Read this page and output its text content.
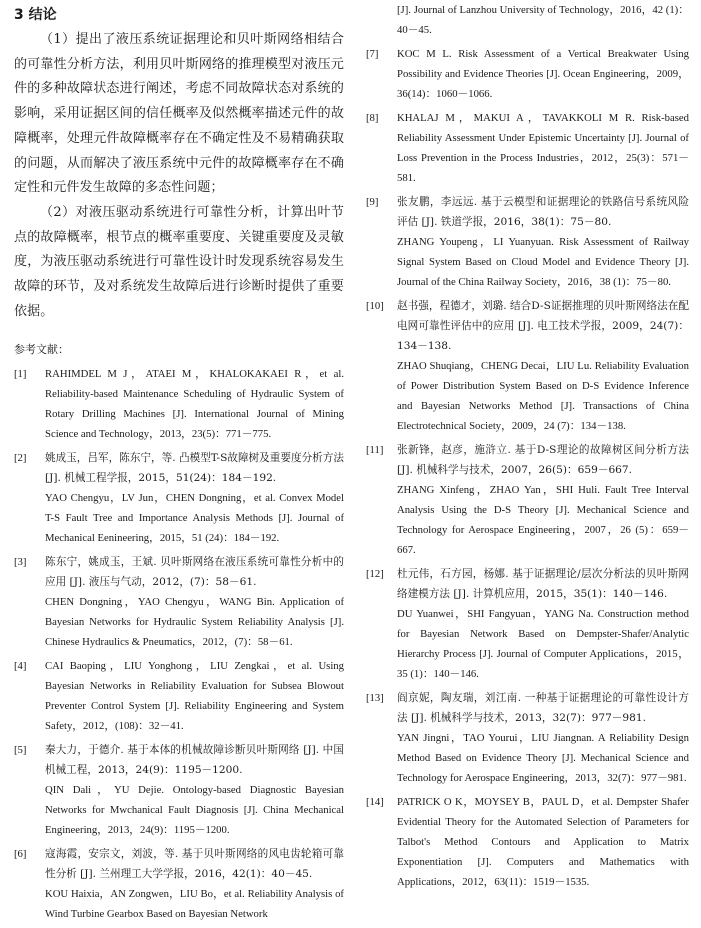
3 结论

（1）提出了液压系统证据理论和贝叶斯网络相结合的可靠性分析方法，利用贝叶斯网络的推理模型对液压元件的多种故障状态进行阐述，考虑不同故障状态对系统的影响，采用证据区间的信任概率及似然概率描述元件的故障概率，处理元件故障概率存在不确定性及不易精确获取的问题，从而解决了液压系统中元件的故障概率存在不确定性和元件发生故障的多态性问题；

（2）对液压驱动系统进行可靠性分析，计算出叶节点的故障概率，根节点的概率重要度、关键重要度及灵敏度，为液压驱动系统进行可靠性设计时发现系统容易发生故障的环节，及对系统发生故障后进行诊断时提供了重要依据。

参考文献：
[1] RAHIMDEL M J，ATAEI M，KHALOKAKAEI R，et al. Reliability-based Maintenance Scheduling of Hydraulic System of Rotary Drilling Machines [J]. International Journal of Mining Science and Technology，2013，23(5)：771－775.
[2] 姚成玉，吕军，陈东宁，等. 凸模型T-S故障树及重要度分析方法 [J]. 机械工程学报，2015，51(24)：184－192.
YAO Chengyu，LV Jun，CHEN Dongning，et al. Convex Model T-S Fault Tree and Importance Analysis Methods [J]. Journal of Mechanical Eenineering，2015，51 (24)：184－192.
[3] 陈东宁，姚成玉，王斌. 贝叶斯网络在液压系统可靠性分析中的应用 [J]. 液压与气动，2012，(7)：58－61.
CHEN Dongning，YAO Chengyu，WANG Bin. Application of Bayesian Networks for Hydraulic System Reliability Analysis [J]. Chinese Hydraulics & Pneumatics，2012，(7)：58－61.
[4] CAI Baoping，LIU Yonghong，LIU Zengkai，et al. Using Bayesian Networks in Reliability Evaluation for Subsea Blowout Preventer Control System [J]. Reliability Engineering and System Safety，2012，(108)：32－41.
[5] 秦大力，于德介. 基于本体的机械故障诊断贝叶斯网络 [J]. 中国机械工程，2013，24(9)：1195－1200.
QIN Dali，YU Dejie. Ontology-based Diagnostic Bayesian Networks for Mwchanical Fault Diagnosis [J]. China Mechanical Engineering，2013，24(9)：1195－1200.
[6] 寇海霞，安宗文，刘波，等. 基于贝叶斯网络的风电齿轮箱可靠性分析 [J]. 兰州理工大学学报，2016，42(1)：40－45.
KOU Haixia，AN Zongwen，LIU Bo，et al. Reliability Analysis of Wind Turbine Gearbox Based on Bayesian Network
[J]. Journal of Lanzhou University of Technology，2016，42 (1)：40－45.
[7] KOC M L. Risk Assessment of a Vertical Breakwater Using Possibility and Evidence Theories [J]. Ocean Engineering，2009，36(14)：1060－1066.
[8] KHALAJ M，MAKUI A，TAVAKKOLI M R. Risk-based Reliability Assessment Under Epistemic Uncertainty [J]. Journal of Loss Prevention in the Process Industries，2012，25(3)：571－581.
[9] 张友鹏，李远远. 基于云模型和证据理论的铁路信号系统风险评估 [J]. 铁道学报，2016，38(1)：75－80.
ZHANG Youpeng，LI Yuanyuan. Risk Assessment of Railway Signal System Based on Cloud Model and Evidence Theory [J]. Journal of the China Railway Society，2016，38 (1)：75－80.
[10] 赵书强，程德才，刘璐. 结合D-S证据推理的贝叶斯网络法在配电网可靠性评估中的应用 [J]. 电工技术学报，2009，24(7)：134－138.
ZHAO Shuqiang，CHENG Decai，LIU Lu. Reliability Evaluation of Power Distribution System Based on D-S Evidence Inference and Bayesian Networks Method [J]. Transactions of China Electrotechnical Society，2009，24 (7)：134－138.
[11] 张新锋，赵彦，施浒立. 基于D-S理论的故障树区间分析方法 [J]. 机械科学与技术，2007，26(5)：659－667.
ZHANG Xinfeng，ZHAO Yan，SHI Huli. Fault Tree Interval Analysis Using the D-S Theory [J]. Mechanical Science and Technology for Aerospace Engineering，2007，26 (5)：659－667.
[12] 杜元伟，石方园，杨娜. 基于证据理论/层次分析法的贝叶斯网络建模方法 [J]. 计算机应用，2015，35(1)：140－146.
DU Yuanwei，SHI Fangyuan，YANG Na. Construction method for Bayesian Network Based on Dempster-Shafer/Analytic Hierarchy Process [J]. Journal of Computer Applications，2015，35 (1)：140－146.
[13] 阎京妮，陶友瑞，刘江南. 一种基于证据理论的可靠性设计方法 [J]. 机械科学与技术，2013，32(7)：977－981.
YAN Jingni，TAO Yourui，LIU Jiangnan. A Reliability Design Method Based on Evidence Theory [J]. Mechanical Science and Technology for Aerospace Engineering，2013，32(7)：977－981.
[14] PATRICK O K，MOYSEY B，PAUL D，et al. Dempster Shafer Evidential Theory for the Automated Selection of Parameters for Talbot's Method Contours and Application to Matrix Exponentiation [J]. Computers and Mathematics with Applications，2012，63(11)：1519－1535.
